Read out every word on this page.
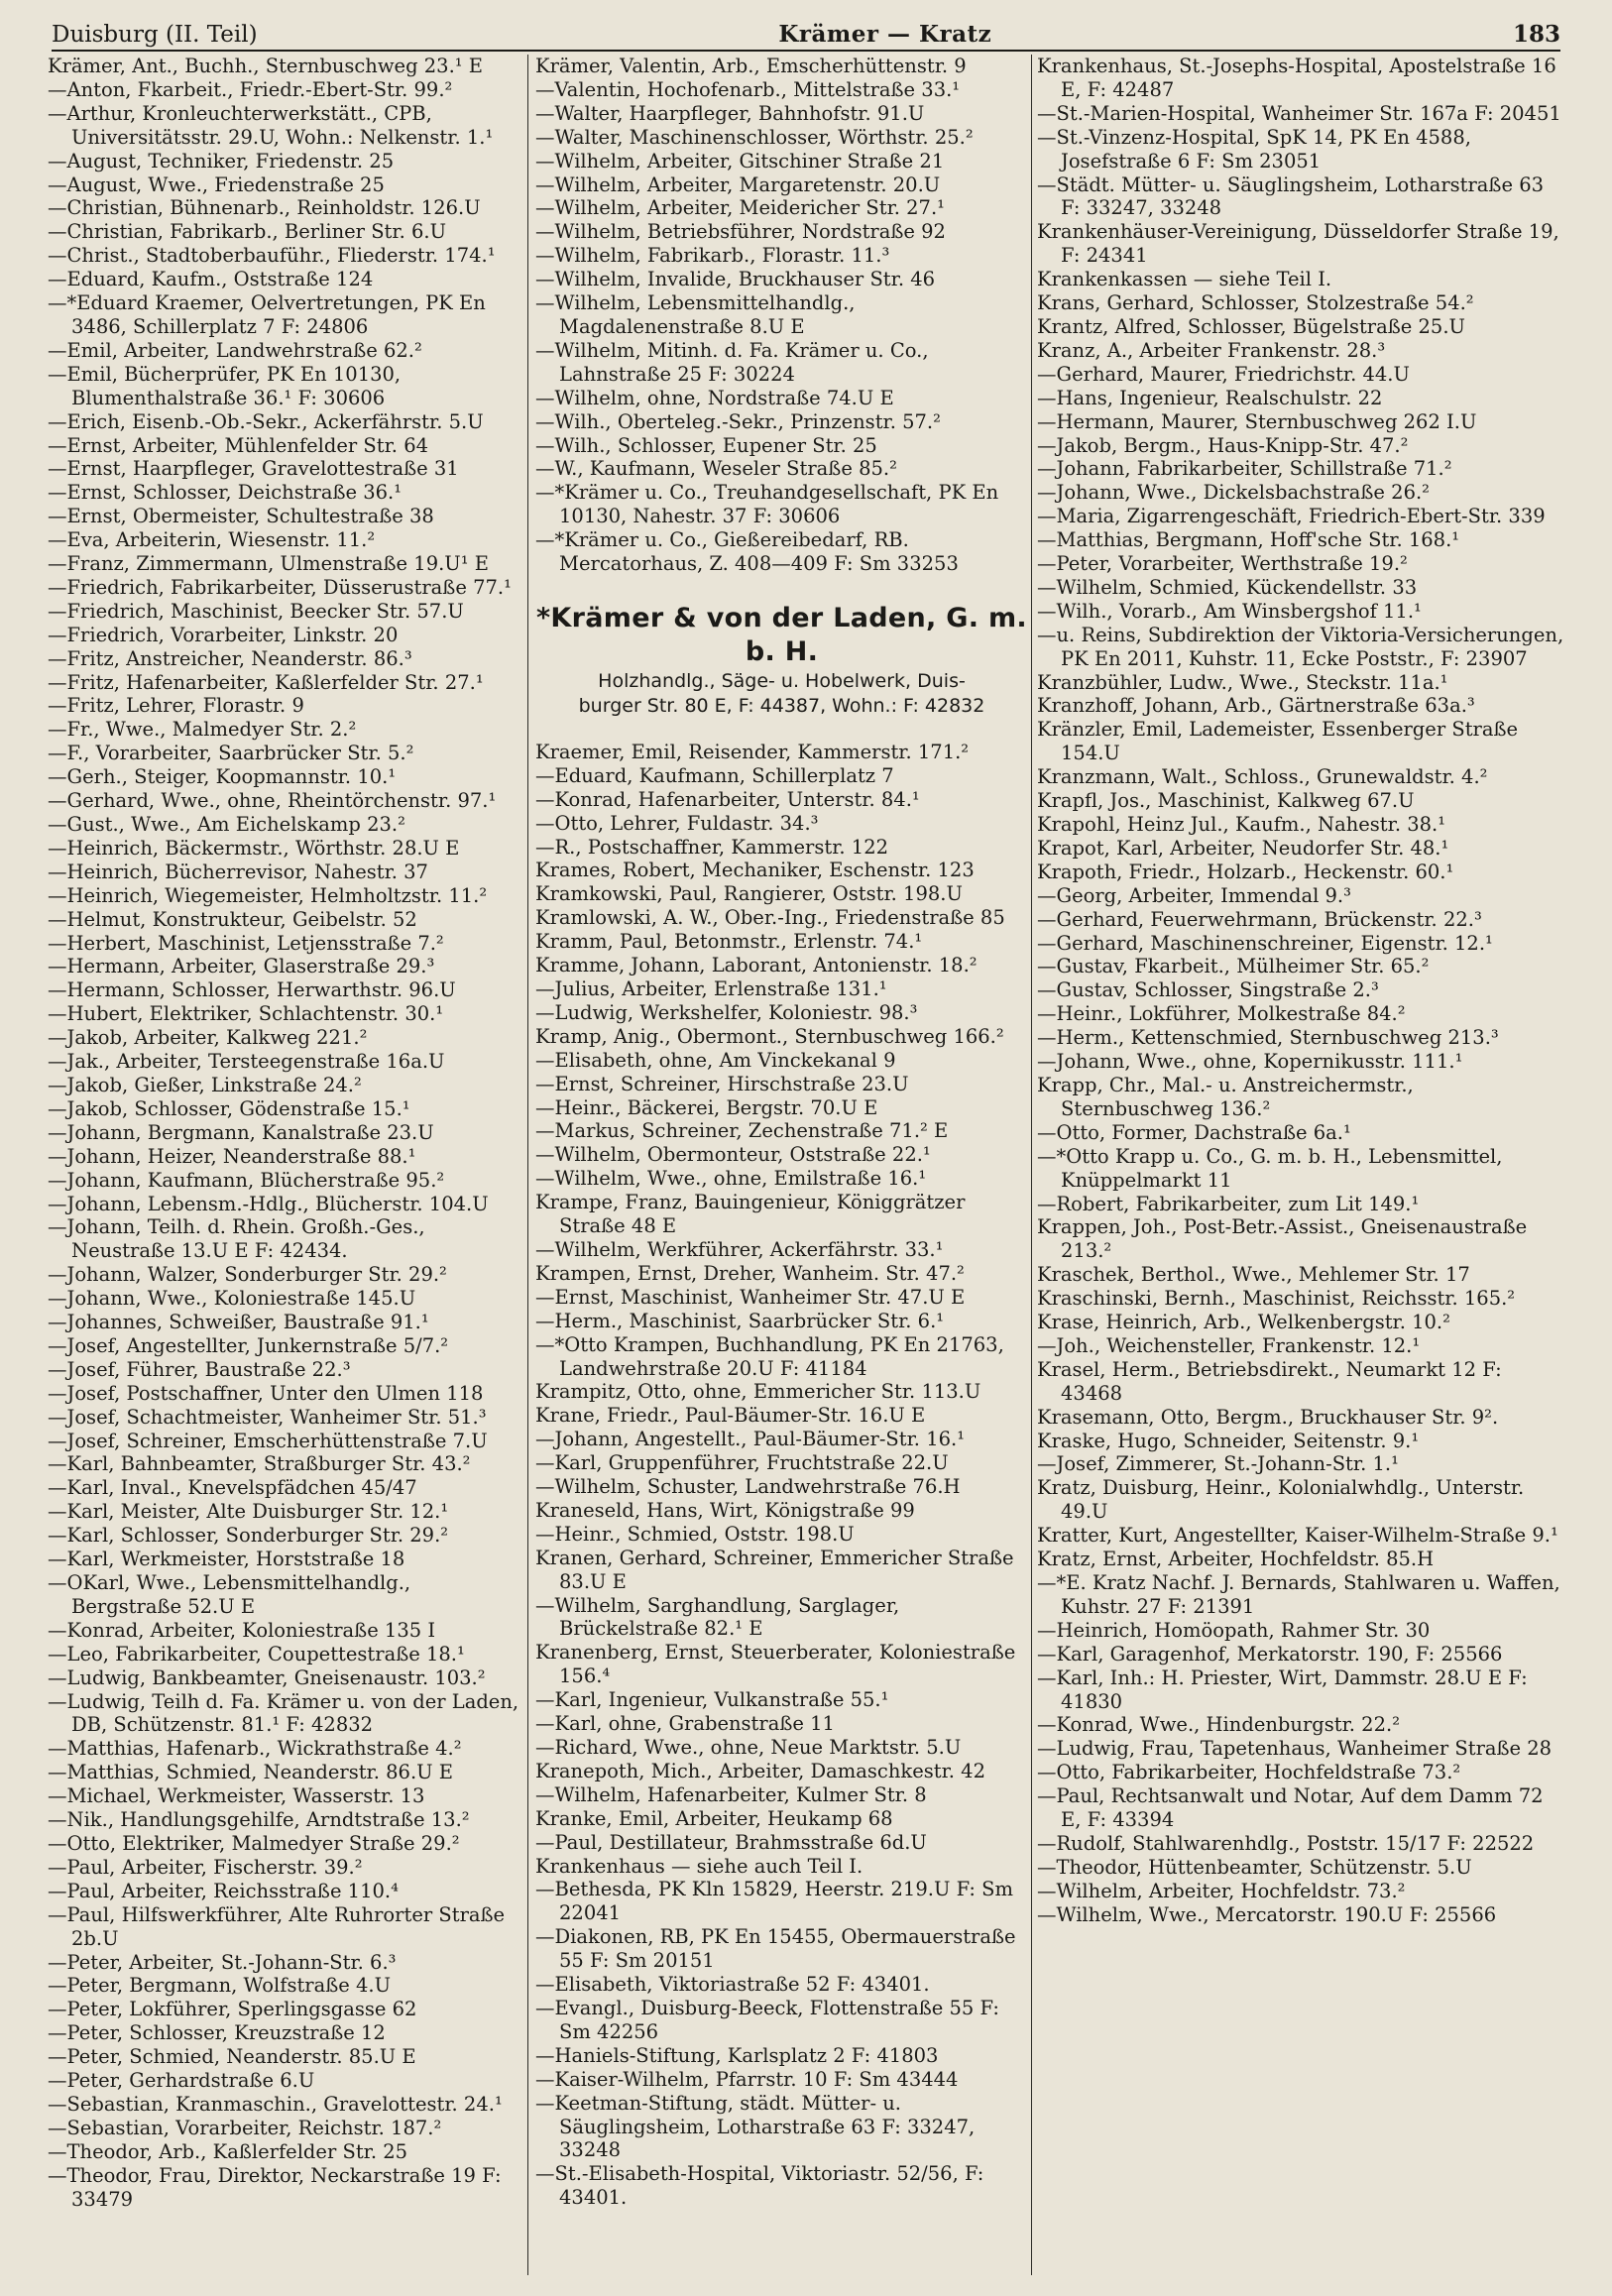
Duisburg (II. Teil)	Krämer — Kratz	183
Krämer, Ant., Buchh., Sternbuschweg 23.¹ E
—Anton, Fkarbeit., Friedr.-Ebert-Str. 99.²
—Arthur, Kronleuchterwerkstätt., CPB, Universitätsstr. 29.U, Wohn.: Nelkenstr. 1.¹
—August, Techniker, Friedenstr. 25
—August, Wwe., Friedenstraße 25
—Christian, Bühnenarb., Reinholdstr. 126.U
—Christian, Fabrikarb., Berliner Str. 6.U
—Christ., Stadtoberbauführ., Fliederstr. 174.¹
—Eduard, Kaufm., Oststraße 124
—*Eduard Kraemer, Oelvertretungen, PK En 3486, Schillerplatz 7 F: 24806
—Emil, Arbeiter, Landwehrstraße 62.²
—Emil, Bücherprüfer, PK En 10130, Blumenthalstraße 36.¹ F: 30606
—Erich, Eisenb.-Ob.-Sekr., Ackerfährstr. 5.U
—Ernst, Arbeiter, Mühlenfelder Str. 64
—Ernst, Haarpfleger, Gravelottestraße 31
—Ernst, Schlosser, Deichstraße 36.¹
—Ernst, Obermeister, Schultestraße 38
—Eva, Arbeiterin, Wiesenstr. 11.²
—Franz, Zimmermann, Ulmenstraße 19.U¹ E
—Friedrich, Fabrikarbeiter, Düsserustraße 77.¹
—Friedrich, Maschinist, Beecker Str. 57.U
—Friedrich, Vorarbeiter, Linkstr. 20
—Fritz, Anstreicher, Neanderstr. 86.³
—Fritz, Hafenarbeiter, Kaßlerfelder Str. 27.¹
—Fritz, Lehrer, Florastr. 9
—Fr., Wwe., Malmedyer Str. 2.²
—F., Vorarbeiter, Saarbrücker Str. 5.²
—Gerh., Steiger, Koopmannstr. 10.¹
—Gerhard, Wwe., ohne, Rheintörchenstr. 97.¹
—Gust., Wwe., Am Eichelskamp 23.²
—Heinrich, Bäckermstr., Wörthstr. 28.U E
—Heinrich, Bücherrevisor, Nahestr. 37
—Heinrich, Wiegemeister, Helmholtzstr. 11.²
—Helmut, Konstrukteur, Geibelstr. 52
—Herbert, Maschinist, Letjensstraße 7.²
—Hermann, Arbeiter, Glaserstraße 29.³
—Hermann, Schlosser, Herwarthstr. 96.U
—Hubert, Elektriker, Schlachtenstr. 30.¹
—Jakob, Arbeiter, Kalkweg 221.²
—Jak., Arbeiter, Tersteegenstraße 16a.U
—Jakob, Gießer, Linkstraße 24.²
—Jakob, Schlosser, Gödenstraße 15.¹
—Johann, Bergmann, Kanalstraße 23.U
—Johann, Heizer, Neanderstraße 88.¹
—Johann, Kaufmann, Blücherstraße 95.²
—Johann, Lebensm.-Hdlg., Blücherstr. 104.U
—Johann, Teilh. d. Rhein. Großh.-Ges., Neustraße 13.U E F: 42434.
—Johann, Walzer, Sonderburger Str. 29.²
—Johann, Wwe., Koloniestraße 145.U
—Johannes, Schweißer, Baustraße 91.¹
—Josef, Angestellter, Junkernstraße 5/7.²
—Josef, Führer, Baustraße 22.³
—Josef, Postschaffner, Unter den Ulmen 118
—Josef, Schachtmeister, Wanheimer Str. 51.³
—Josef, Schreiner, Emscherhüttenstraße 7.U
—Karl, Bahnbeamter, Straßburger Str. 43.²
—Karl, Inval., Knevelspfädchen 45/47
—Karl, Meister, Alte Duisburger Str. 12.¹
—Karl, Schlosser, Sonderburger Str. 29.²
—Karl, Werkmeister, Horststraße 18
—OKarl, Wwe., Lebensmittelhandlg., Bergstraße 52.U E
—Konrad, Arbeiter, Koloniestraße 135 I
—Leo, Fabrikarbeiter, Coupettestraße 18.¹
—Ludwig, Bankbeamter, Gneisenaustr. 103.²
—Ludwig, Teilh d. Fa. Krämer u. von der Laden, DB, Schützenstr. 81.¹ F: 42832
—Matthias, Hafenarb., Wickrathstraße 4.²
—Matthias, Schmied, Neanderstr. 86.U E
—Michael, Werkmeister, Wasserstr. 13
—Nik., Handlungsgehilfe, Arndtstraße 13.²
—Otto, Elektriker, Malmedyer Straße 29.²
—Paul, Arbeiter, Fischerstr. 39.²
—Paul, Arbeiter, Reichsstraße 110.⁴
—Paul, Hilfswerkführer, Alte Ruhrorter Straße 2b.U
—Peter, Arbeiter, St.-Johann-Str. 6.³
—Peter, Bergmann, Wolfstraße 4.U
—Peter, Lokführer, Sperlingsgasse 62
—Peter, Schlosser, Kreuzstraße 12
—Peter, Schmied, Neanderstr. 85.U E
—Peter, Gerhardstraße 6.U
—Sebastian, Kranmaschin., Gravelottestr. 24.¹
—Sebastian, Vorarbeiter, Reichstr. 187.²
—Theodor, Arb., Kaßlerfelder Str. 25
—Theodor, Frau, Direktor, Neckarstraße 19 F: 33479
Krämer, Valentin, Arb., Emscherhüttenstr. 9
—Valentin, Hochofenarb., Mittelstraße 33.¹
—Walter, Haarpfleger, Bahnhofstr. 91.U
—Walter, Maschinenschlosser, Wörthstr. 25.²
—Wilhelm, Arbeiter, Gitschiner Straße 21
—Wilhelm, Arbeiter, Margaretenstr. 20.U
—Wilhelm, Arbeiter, Meidericher Str. 27.¹
—Wilhelm, Betriebsführer, Nordstraße 92
—Wilhelm, Fabrikarb., Florastr. 11.³
—Wilhelm, Invalide, Bruckhauser Str. 46
—Wilhelm, Lebensmittelhandlg., Magdalenenstraße 8.U E
—Wilhelm, Mitinh. d. Fa. Krämer u. Co., Lahnstraße 25 F: 30224
—Wilhelm, ohne, Nordstraße 74.U E
—Wilh., Oberteleg.-Sekr., Prinzenstr. 57.²
—Wilh., Schlosser, Eupener Str. 25
—W., Kaufmann, Weseler Straße 85.²
—*Krämer u. Co., Treuhandgesellschaft, PK En 10130, Nahestr. 37 F: 30606
—*Krämer u. Co., Gießereibedarf, RB. Mercatorhaus, Z. 408—409 F: Sm 33253
*Krämer & von der Laden, G. m. b. H.
Holzhandlg., Säge- u. Hobelwerk, Duis-
burger Str. 80 E, F: 44387, Wohn.: F: 42832
Kraemer, Emil, Reisender, Kammerstr. 171.²
—Eduard, Kaufmann, Schillerplatz 7
—Konrad, Hafenarbeiter, Unterstr. 84.¹
—Otto, Lehrer, Fuldastr. 34.³
—R., Postschaffner, Kammerstr. 122
Krames, Robert, Mechaniker, Eschenstr. 123
Kramkowski, Paul, Rangierer, Oststr. 198.U
Kramlowski, A. W., Ober.-Ing., Friedenstraße 85
Kramm, Paul, Betonmstr., Erlenstr. 74.¹
Kramme, Johann, Laborant, Antonienstr. 18.²
—Julius, Arbeiter, Erlenstraße 131.¹
—Ludwig, Werkshelfer, Koloniestr. 98.³
Kramp, Anig., Obermont., Sternbuschweg 166.²
—Elisabeth, ohne, Am Vinckekanal 9
—Ernst, Schreiner, Hirschstraße 23.U
—Heinr., Bäckerei, Bergstr. 70.U E
—Markus, Schreiner, Zechenstraße 71.² E
—Wilhelm, Obermonteur, Oststraße 22.¹
—Wilhelm, Wwe., ohne, Emilstraße 16.¹
Krampe, Franz, Bauingenieur, Königgrätzer Straße 48 E
—Wilhelm, Werkführer, Ackerfährstr. 33.¹
Krampen, Ernst, Dreher, Wanheim. Str. 47.²
—Ernst, Maschinist, Wanheimer Str. 47.U E
—Herm., Maschinist, Saarbrücker Str. 6.¹
—*Otto Krampen, Buchhandlung, PK En 21763, Landwehrstraße 20.U F: 41184
Krampitz, Otto, ohne, Emmericher Str. 113.U
Krane, Friedr., Paul-Bäumer-Str. 16.U E
—Johann, Angestellt., Paul-Bäumer-Str. 16.¹
—Karl, Gruppenführer, Fruchtstraße 22.U
—Wilhelm, Schuster, Landwehrstraße 76.H
Kraneseld, Hans, Wirt, Königstraße 99
—Heinr., Schmied, Oststr. 198.U
Kranen, Gerhard, Schreiner, Emmericher Straße 83.U E
—Wilhelm, Sarghandlung, Sarglager, Brückelstraße 82.¹ E
Kranenberg, Ernst, Steuerberater, Koloniestraße 156.⁴
—Karl, Ingenieur, Vulkanstraße 55.¹
—Karl, ohne, Grabenstraße 11
—Richard, Wwe., ohne, Neue Marktstr. 5.U
Kranepoth, Mich., Arbeiter, Damaschkestr. 42
—Wilhelm, Hafenarbeiter, Kulmer Str. 8
Kranke, Emil, Arbeiter, Heukamp 68
—Paul, Destillateur, Brahmsstraße 6d.U
Krankenhaus — siehe auch Teil I.
—Bethesda, PK Kln 15829, Heerstr. 219.U F: Sm 22041
—Diakonen, RB, PK En 15455, Obermauerstraße 55 F: Sm 20151
—Elisabeth, Viktoriastraße 52 F: 43401.
—Evangl., Duisburg-Beeck, Flottenstraße 55 F: Sm 42256
—Haniels-Stiftung, Karlsplatz 2 F: 41803
—Kaiser-Wilhelm, Pfarrstr. 10 F: Sm 43444
—Keetman-Stiftung, städt. Mütter- u. Säuglingsheim, Lotharstraße 63 F: 33247, 33248
—St.-Elisabeth-Hospital, Viktoriastr. 52/56, F: 43401.
Krankenhaus, St.-Josephs-Hospital, Apostelstraße 16 E, F: 42487
—St.-Marien-Hospital, Wanheimer Str. 167a F: 20451
—St.-Vinzenz-Hospital, SpK 14, PK En 4588, Josefstraße 6 F: Sm 23051
—Städt. Mütter- u. Säuglingsheim, Lotharstraße 63 F: 33247, 33248
Krankenhäuser-Vereinigung, Düsseldorfer Straße 19, F: 24341
Krankenkassen — siehe Teil I.
Krans, Gerhard, Schlosser, Stolzestraße 54.²
Krantz, Alfred, Schlosser, Bügelstraße 25.U
Kranz, A., Arbeiter Frankenstr. 28.³
—Gerhard, Maurer, Friedrichstr. 44.U
—Hans, Ingenieur, Realschulstr. 22
—Hermann, Maurer, Sternbuschweg 262 I.U
—Jakob, Bergm., Haus-Knipp-Str. 47.²
—Johann, Fabrikarbeiter, Schillstraße 71.²
—Johann, Wwe., Dickelsbachstraße 26.²
—Maria, Zigarrengeschäft, Friedrich-Ebert-Str. 339
—Matthias, Bergmann, Hoff'sche Str. 168.¹
—Peter, Vorarbeiter, Werthstraße 19.²
—Wilhelm, Schmied, Kückendellstr. 33
—Wilh., Vorarb., Am Winsbergshof 11.¹
—u. Reins, Subdirektion der Viktoria-Versicherungen, PK En 2011, Kuhstr. 11, Ecke Poststr., F: 23907
Kranzbühler, Ludw., Wwe., Steckstr. 11a.¹
Kranzhoff, Johann, Arb., Gärtnerstraße 63a.³
Kränzler, Emil, Lademeister, Essenberger Straße 154.U
Kranzmann, Walt., Schloss., Grunewaldstr. 4.²
Krapfl, Jos., Maschinist, Kalkweg 67.U
Krapohl, Heinz Jul., Kaufm., Nahestr. 38.¹
Krapot, Karl, Arbeiter, Neudorfer Str. 48.¹
Krapoth, Friedr., Holzarb., Heckenstr. 60.¹
—Georg, Arbeiter, Immendal 9.³
—Gerhard, Feuerwehrmann, Brückenstr. 22.³
—Gerhard, Maschinenschreiner, Eigenstr. 12.¹
—Gustav, Fkarbeit., Mülheimer Str. 65.²
—Gustav, Schlosser, Singstraße 2.³
—Heinr., Lokführer, Molkestraße 84.²
—Herm., Kettenschmied, Sternbuschweg 213.³
—Johann, Wwe., ohne, Kopernikusstr. 111.¹
Krapp, Chr., Mal.- u. Anstreichermstr., Sternbuschweg 136.²
—Otto, Former, Dachstraße 6a.¹
—*Otto Krapp u. Co., G. m. b. H., Lebensmittel, Knüppelmarkt 11
—Robert, Fabrikarbeiter, zum Lit 149.¹
Krappen, Joh., Post-Betr.-Assist., Gneisenaustraße 213.²
Kraschek, Berthol., Wwe., Mehlemer Str. 17
Kraschinski, Bernh., Maschinist, Reichsstr. 165.²
Krase, Heinrich, Arb., Welkenbergstr. 10.²
—Joh., Weichensteller, Frankenstr. 12.¹
Krasel, Herm., Betriebsdirekt., Neumarkt 12 F: 43468
Krasemann, Otto, Bergm., Bruckhauser Str. 9².
Kraske, Hugo, Schneider, Seitenstr. 9.¹
—Josef, Zimmerer, St.-Johann-Str. 1.¹
Kratz, Duisburg, Heinr., Kolonialwhdlg., Unterstr. 49.U
Kratter, Kurt, Angestellter, Kaiser-Wilhelm-Straße 9.¹
Kratz, Ernst, Arbeiter, Hochfeldstr. 85.H
—*E. Kratz Nachf. J. Bernards, Stahlwaren u. Waffen, Kuhstr. 27 F: 21391
—Heinrich, Homöopath, Rahmer Str. 30
—Karl, Garagenhof, Merkatorstr. 190, F: 25566
—Karl, Inh.: H. Priester, Wirt, Dammstr. 28.U E F: 41830
—Konrad, Wwe., Hindenburgstr. 22.²
—Ludwig, Frau, Tapetenhaus, Wanheimer Straße 28
—Otto, Fabrikarbeiter, Hochfeldstraße 73.²
—Paul, Rechtsanwalt und Notar, Auf dem Damm 72 E, F: 43394
—Rudolf, Stahlwarenhdlg., Poststr. 15/17 F: 22522
—Theodor, Hüttenbeamter, Schützenstr. 5.U
—Wilhelm, Arbeiter, Hochfeldstr. 73.²
—Wilhelm, Wwe., Mercatorstr. 190.U F: 25566
